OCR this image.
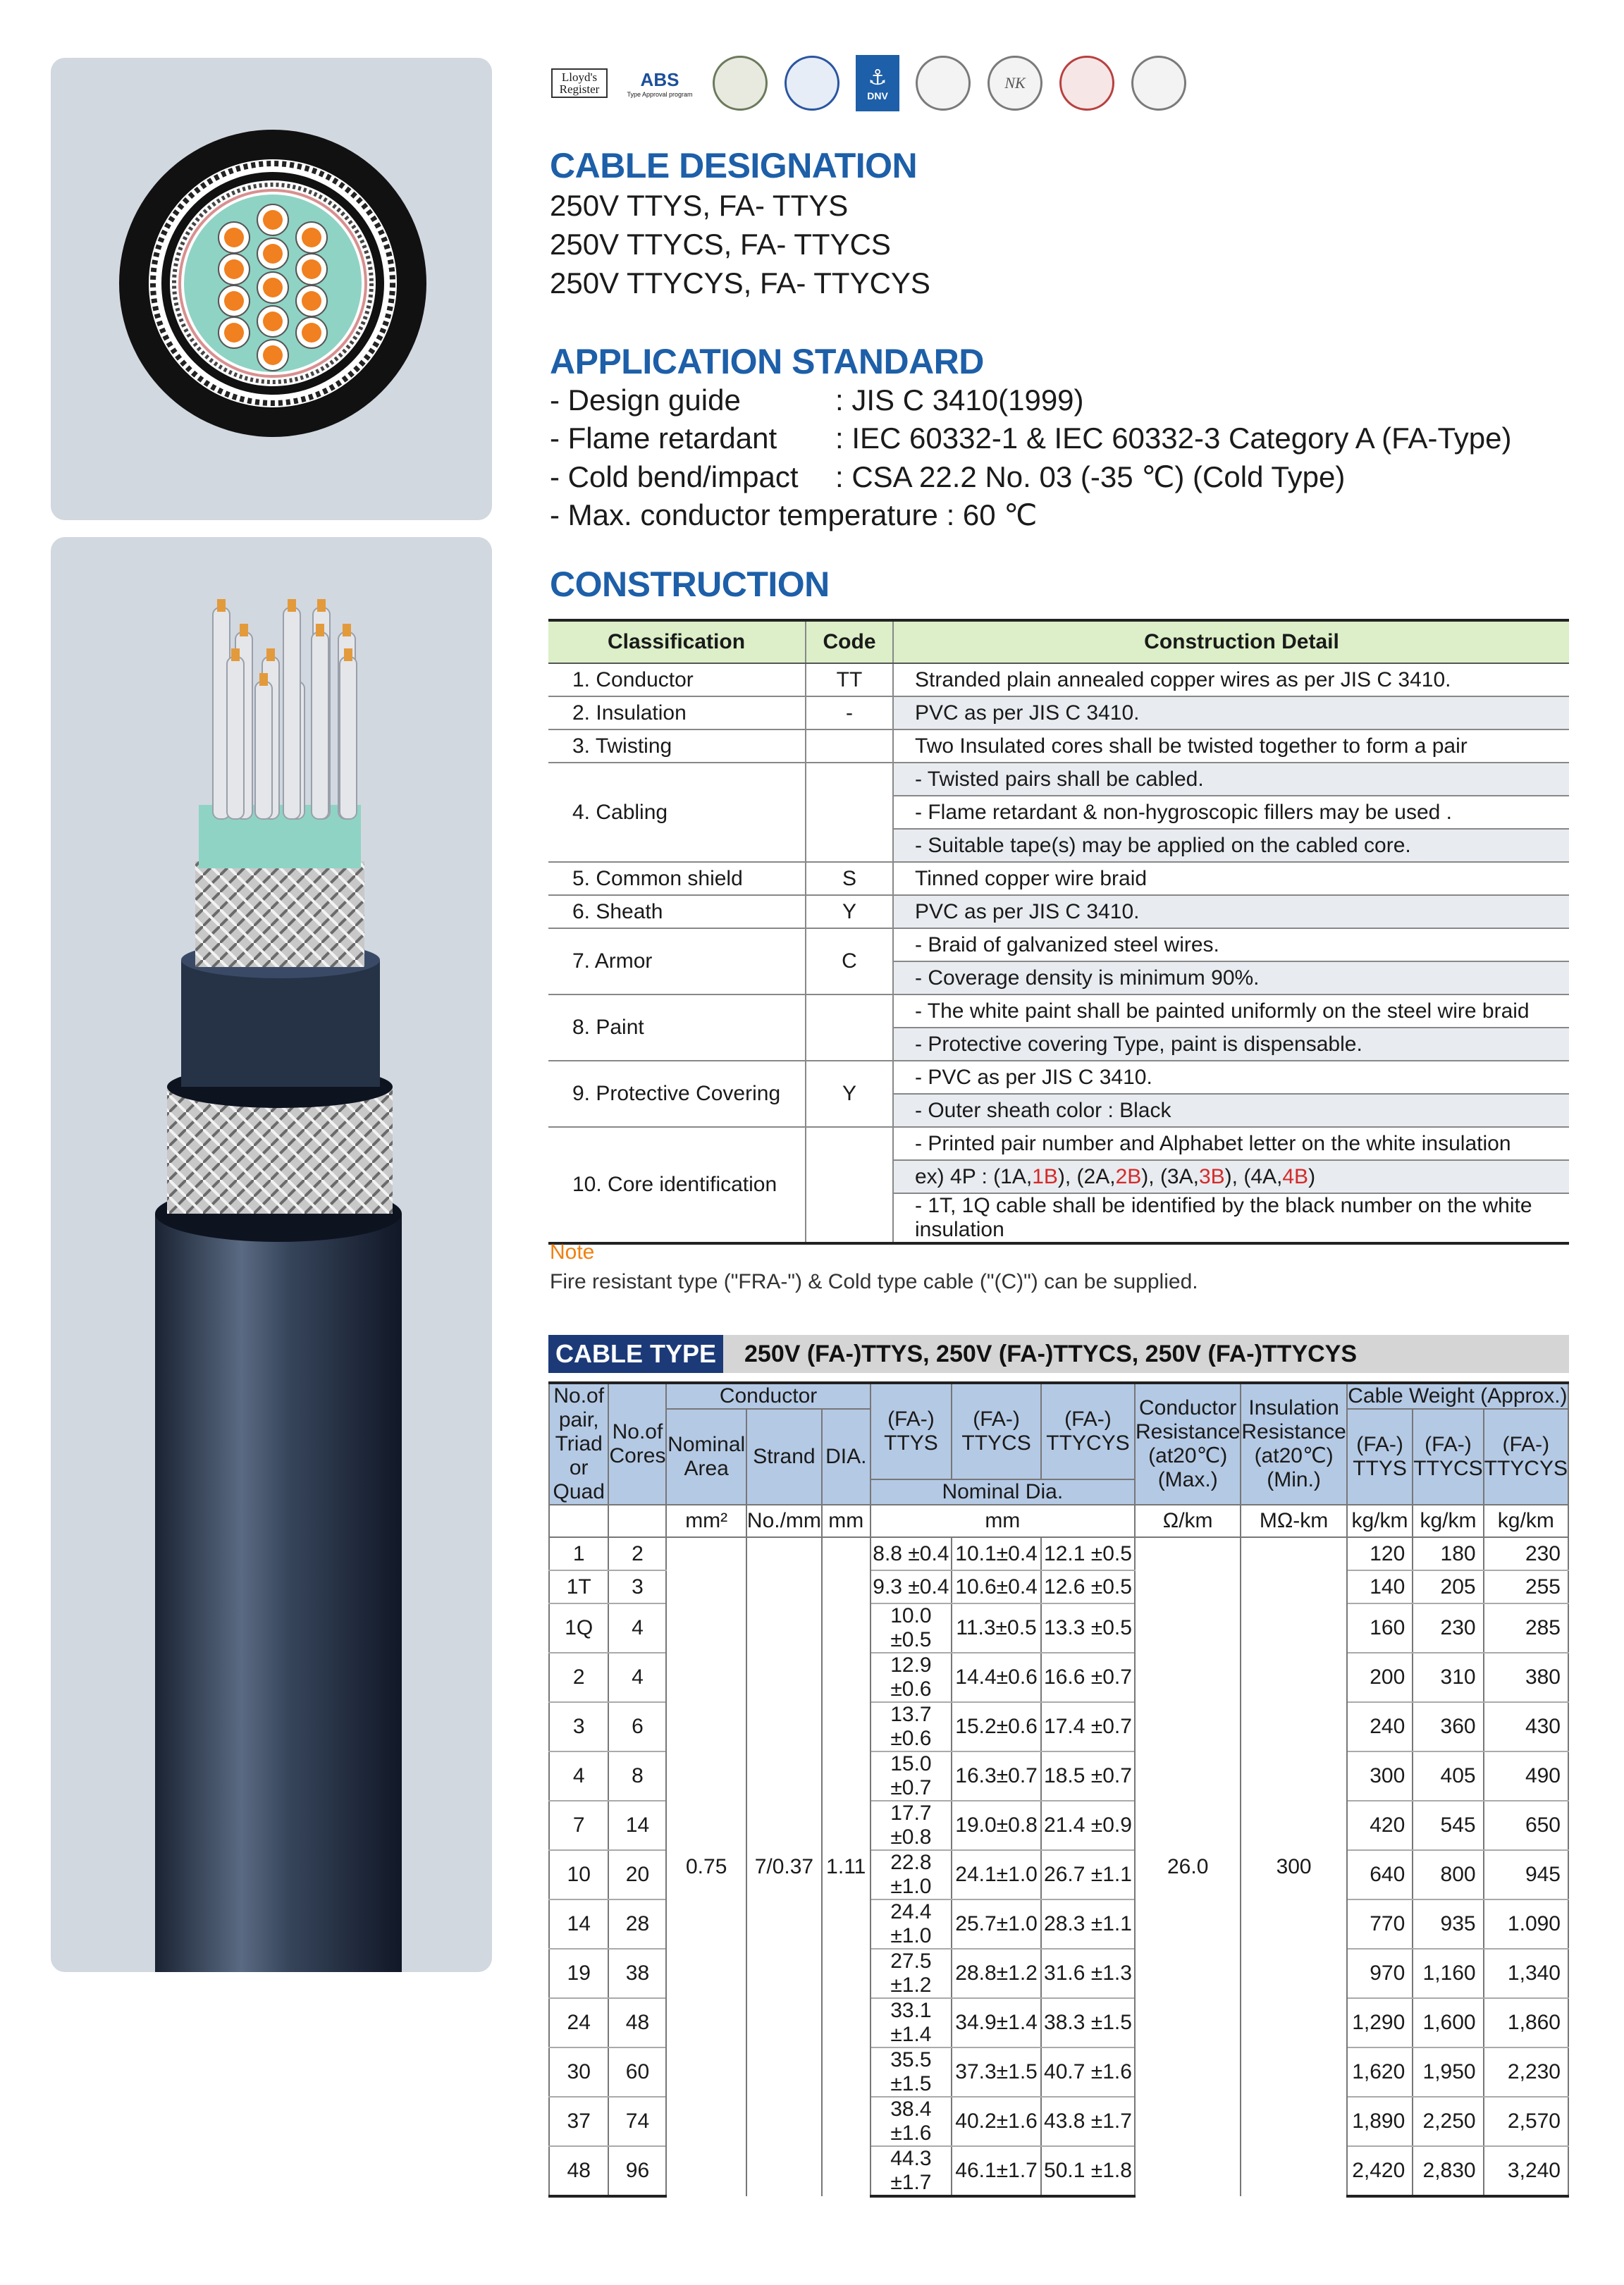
250V TTYCYS
Lloyd's Register	ABS
Type Approval program
⚓
DNV
NK
CABLE DESIGNATION
250V TTYS, FA- TTYS
250V TTYCS, FA- TTYCS
250V TTYCYS, FA- TTYCYS
APPLICATION STANDARD
- Design guide	: JIS C 3410(1999)
- Flame retardant : IEC 60332-1 & IEC 60332-3 Category A (FA-Type)
- Cold bend/impact : CSA 22.2 No. 03 (-35 ℃) (Cold Type)
- Max. conductor temperature : 60 ℃
CONSTRUCTION
Classification	Code	Construction Detail
1. Conductor	TT	Stranded plain annealed copper wires as per JIS C 3410.
2. Insulation	-	PVC as per JIS C 3410.
3. Twisting		Two Insulated cores shall be twisted together to form a pair
4. Cabling		- Twisted pairs shall be cabled.
		- Flame retardant & non-hygroscopic fillers may be used .
		- Suitable tape(s) may be applied on the cabled core.
5. Common shield	S	Tinned copper wire braid
6. Sheath	Y	PVC as per JIS C 3410.
7. Armor	C	- Braid of galvanized steel wires.
		- Coverage density is minimum 90%.
8. Paint		- The white paint shall be painted uniformly on the steel wire braid
		- Protective covering Type, paint is dispensable.
9. Protective Covering	Y	- PVC as per JIS C 3410.
		- Outer sheath color : Black
10. Core identification		- Printed pair number and Alphabet letter on the white insulation
		ex) 4P : (1A,1B), (2A,2B), (3A,3B), (4A,4B)
		- 1T, 1Q cable shall be identified by the black number on the white insulation
Note
Fire resistant type ("FRA-") & Cold type cable ("(C)") can be supplied.
CABLE TYPE 250V (FA-)TTYS, 250V (FA-)TTYCS, 250V (FA-)TTYCYS
No.of pair, Triad or Quad	No.of Cores	Conductor			(FA-) TTYS	(FA-) TTYCS	(FA-) TTYCYS	Conductor Resistance (at20℃) (Max.)	Insulation Resistance (at20℃) (Min.)	Cable Weight (Approx.)		
		Nominal Area	Strand	DIA.						(FA-) TTYS	(FA-) TTYCS	(FA-) TTYCYS
					Nominal Dia.							
		mm²	No./mm	mm	mm			Ω/km	MΩ-km	kg/km	kg/km	kg/km
1	2	0.75	7/0.37	1.11	8.8 ±0.4	10.1±0.4	12.1 ±0.5	26.0	300	120	180	230
1T	3				9.3 ±0.4	10.6±0.4	12.6 ±0.5			140	205	255
1Q	4				10.0 ±0.5	11.3±0.5	13.3 ±0.5			160	230	285
2	4				12.9 ±0.6	14.4±0.6	16.6 ±0.7			200	310	380
3	6				13.7 ±0.6	15.2±0.6	17.4 ±0.7			240	360	430
4	8				15.0 ±0.7	16.3±0.7	18.5 ±0.7			300	405	490
7	14				17.7 ±0.8	19.0±0.8	21.4 ±0.9			420	545	650
10	20				22.8 ±1.0	24.1±1.0	26.7 ±1.1			640	800	945
14	28				24.4 ±1.0	25.7±1.0	28.3 ±1.1			770	935	1.090
19	38				27.5 ±1.2	28.8±1.2	31.6 ±1.3			970	1,160	1,340
24	48				33.1 ±1.4	34.9±1.4	38.3 ±1.5			1,290	1,600	1,860
30	60				35.5 ±1.5	37.3±1.5	40.7 ±1.6			1,620	1,950	2,230
37	74				38.4 ±1.6	40.2±1.6	43.8 ±1.7			1,890	2,250	2,570
48	96				44.3 ±1.7	46.1±1.7	50.1 ±1.8			2,420	2,830	3,240
